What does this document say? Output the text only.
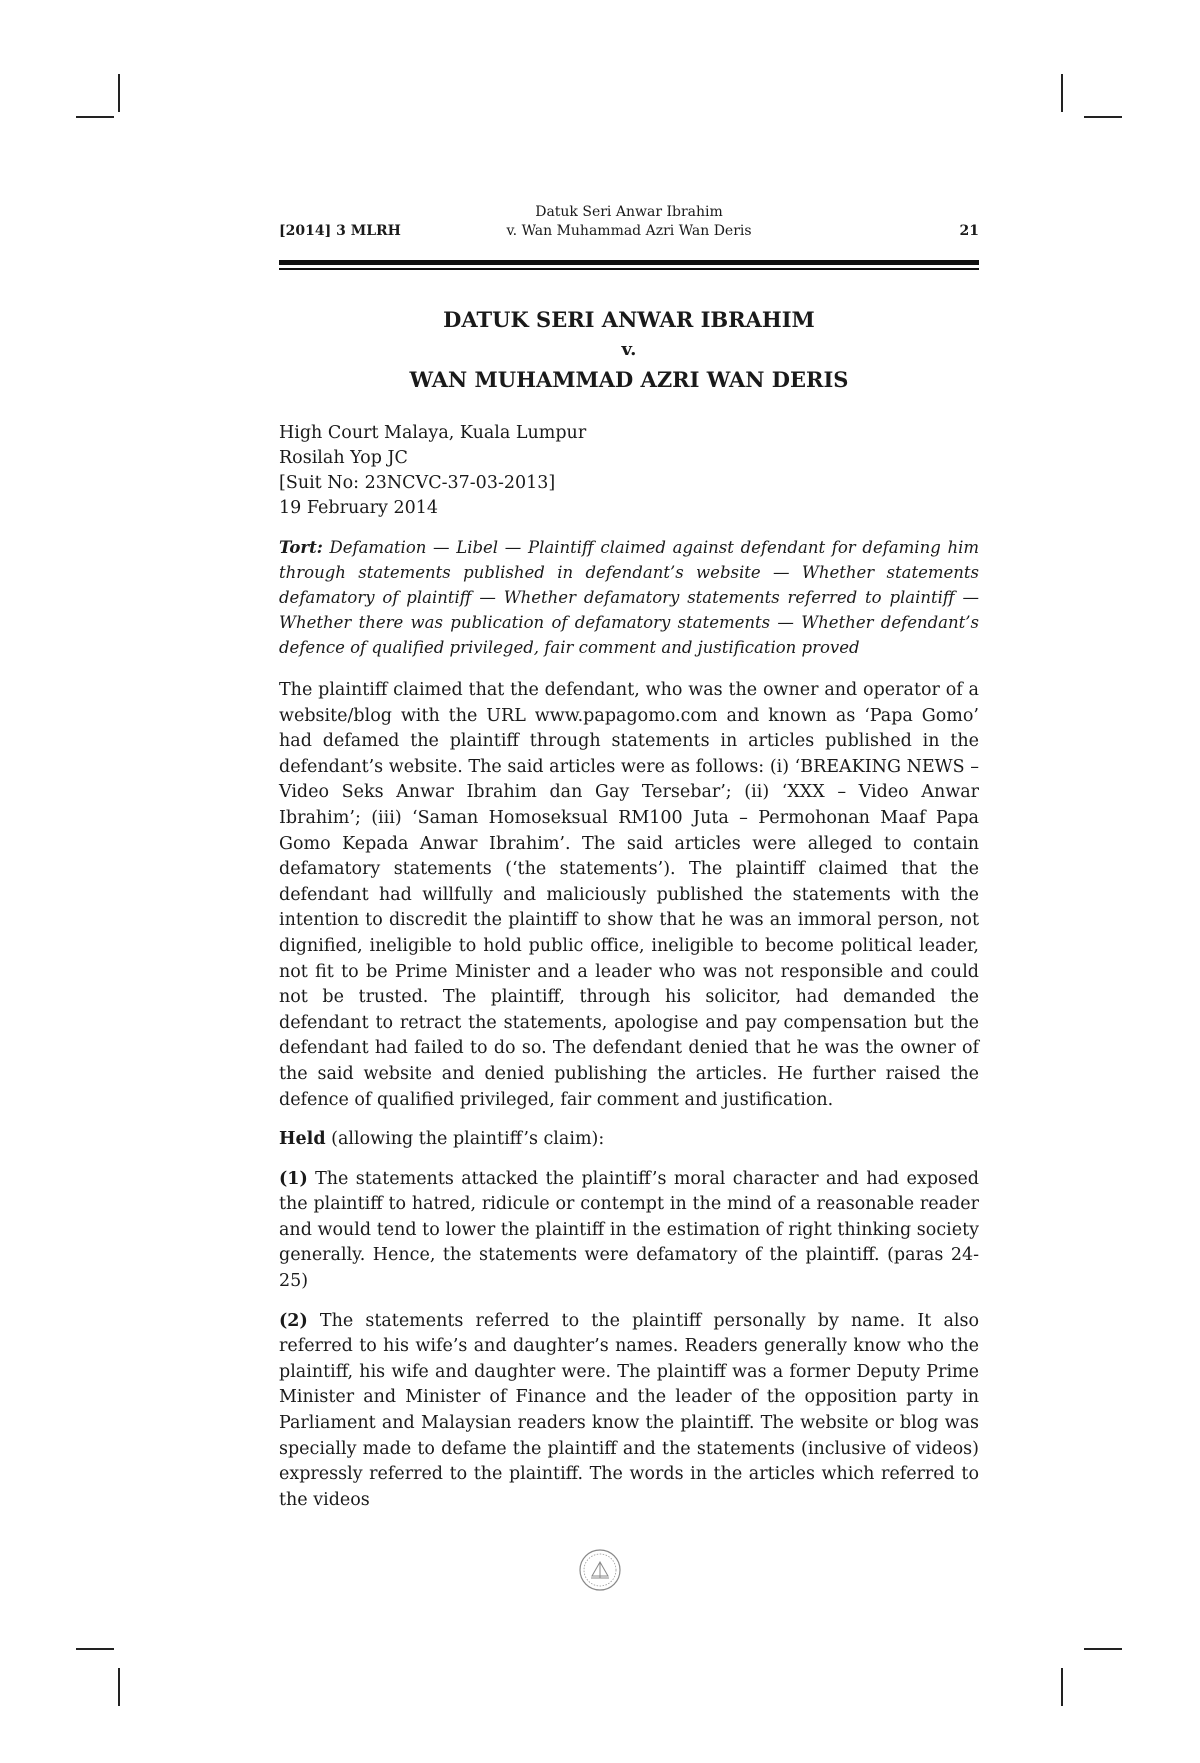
[2014] 3 MLRH
Datuk Seri Anwar Ibrahim
v. Wan Muhammad Azri Wan Deris	21
DATUK SERI ANWAR IBRAHIM
v.
WAN MUHAMMAD AZRI WAN DERIS
High Court Malaya, Kuala Lumpur
Rosilah Yop JC
[Suit No: 23NCVC-37-03-2013]
19 February 2014
Tort: Defamation — Libel — Plaintiff claimed against defendant for defaming him through statements published in defendant’s website — Whether statements defamatory of plaintiff — Whether defamatory statements referred to plaintiff — Whether there was publication of defamatory statements — Whether defendant’s defence of qualified privileged, fair comment and justification proved

The plaintiff claimed that the defendant, who was the owner and operator of a website/blog with the URL www.papagomo.com and known as ‘Papa Gomo’ had defamed the plaintiff through statements in articles published in the defendant’s website. The said articles were as follows: (i) ‘BREAKING NEWS – Video Seks Anwar Ibrahim dan Gay Tersebar’; (ii) ‘XXX – Video Anwar Ibrahim’; (iii) ‘Saman Homoseksual RM100 Juta – Permohonan Maaf Papa Gomo Kepada Anwar Ibrahim’. The said articles were alleged to contain defamatory statements (‘the statements’). The plaintiff claimed that the defendant had willfully and maliciously published the statements with the intention to discredit the plaintiff to show that he was an immoral person, not dignified, ineligible to hold public office, ineligible to become political leader, not fit to be Prime Minister and a leader who was not responsible and could not be trusted. The plaintiff, through his solicitor, had demanded the defendant to retract the statements, apologise and pay compensation but the defendant had failed to do so. The defendant denied that he was the owner of the said website and denied publishing the articles. He further raised the defence of qualified privileged, fair comment and justification.

Held (allowing the plaintiff’s claim):

(1) The statements attacked the plaintiff’s moral character and had exposed the plaintiff to hatred, ridicule or contempt in the mind of a reasonable reader and would tend to lower the plaintiff in the estimation of right thinking society generally. Hence, the statements were defamatory of the plaintiff. (paras 24-25)

(2) The statements referred to the plaintiff personally by name. It also referred to his wife’s and daughter’s names. Readers generally know who the plaintiff, his wife and daughter were. The plaintiff was a former Deputy Prime Minister and Minister of Finance and the leader of the opposition party in Parliament and Malaysian readers know the plaintiff. The website or blog was specially made to defame the plaintiff and the statements (inclusive of videos) expressly referred to the plaintiff. The words in the articles which referred to the videos
